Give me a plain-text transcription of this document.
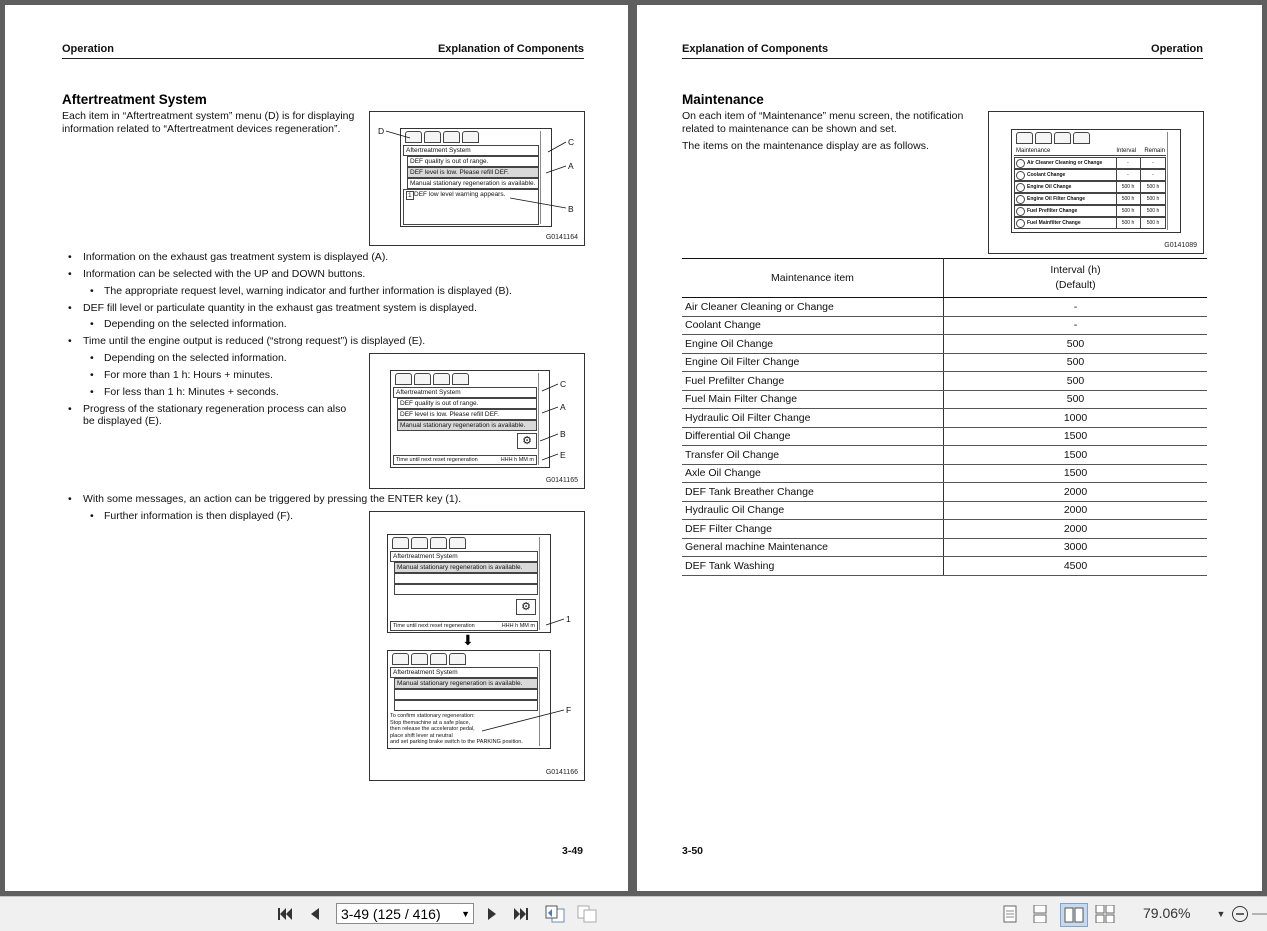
Operation	Explanation of Components
Aftertreatment System
Each item in “Aftertreatment system” menu (D) is for displaying
information related to “Aftertreatment devices regeneration”.
Aftertreatment System
DEF quality is out of range.
DEF level is low. Please refill DEF.
Manual stationary regeneration is available.
1 DEF low level warning appears.
D
C
A
B
G0141164
• Information on the exhaust gas treatment system is displayed (A).
• Information can be selected with the UP and DOWN buttons.
• The appropriate request level, warning indicator and further information is displayed (B).
• DEF fill level or particulate quantity in the exhaust gas treatment system is displayed.
• Depending on the selected information.
• Time until the engine output is reduced (“strong request”) is displayed (E).
• Depending on the selected information.
• For more than 1 h: Hours + minutes.
• For less than 1 h: Minutes + seconds.
• Progress of the stationary regeneration process can also
be displayed (E).
Aftertreatment System
DEF quality is out of range.
DEF level is low. Please refill DEF.
Manual stationary regeneration is available.
⚙
Time until next reset regeneration	HHH h MM m
C
A
B
E
G0141165
• With some messages, an action can be triggered by pressing the ENTER key (1).
• Further information is then displayed (F).
Aftertreatment System
Manual stationary regeneration is available.
⚙
Time until next reset regeneration	HHH h MM m
⬇
Aftertreatment System
Manual stationary regeneration is available.
To confirm stationary regeneration:
Stop themachine at a safe place,
then release the accelerator pedal,
place shift lever at neutral
and set parking brake switch to the PARKING position.
1
F
G0141166
3-49
Explanation of Components	Operation
Maintenance
On each item of “Maintenance” menu screen, the notification
related to maintenance can be shown and set.
The items on the maintenance display are as follows.	Maintenance	Interval Remain
Air Cleaner Cleaning or Change	-	-
Coolant Change	-	-
Engine Oil Change	500 h	500 h
Engine Oil Filter Change	500 h	500 h
Fuel Prefilter Change	500 h	500 h
Fuel Mainfilter Change	500 h	500 h
G0141089
Maintenance item	Interval (h)
(Default)

Air Cleaner Cleaning or Change	-
Coolant Change	-
Engine Oil Change	500
Engine Oil Filter Change	500
Fuel Prefilter Change	500
Fuel Main Filter Change	500
Hydraulic Oil Filter Change	1000
Differential Oil Change	1500
Transfer Oil Change	1500
Axle Oil Change	1500
DEF Tank Breather Change	2000
Hydraulic Oil Change	2000
DEF Filter Change	2000
General machine Maintenance	3000
DEF Tank Washing	4500
3-50
3-49 (125 / 416) ▼	79.06%	▼
